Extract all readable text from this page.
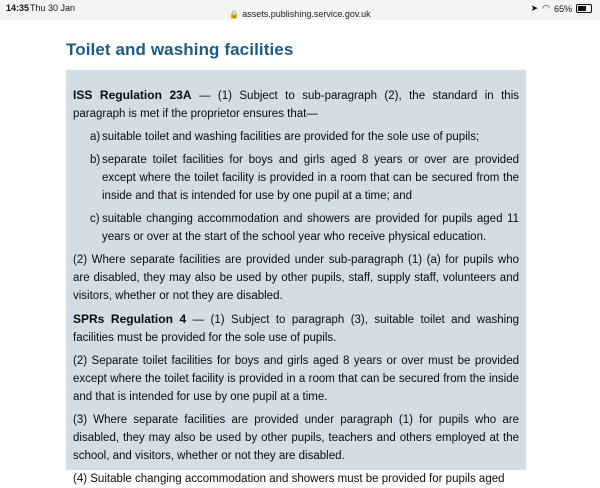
14:35 Thu 30 Jan
🔒 assets.publishing.service.gov.uk
➤ ◠ 65%
Toilet and washing facilities

ISS Regulation 23A — (1) Subject to sub-paragraph (2), the standard in this paragraph is met if the proprietor ensures that—

a) suitable toilet and washing facilities are provided for the sole use of pupils;
b) separate toilet facilities for boys and girls aged 8 years or over are provided except where the toilet facility is provided in a room that can be secured from the inside and that is intended for use by one pupil at a time; and
c) suitable changing accommodation and showers are provided for pupils aged 11 years or over at the start of the school year who receive physical education.

(2) Where separate facilities are provided under sub-paragraph (1) (a) for pupils who are disabled, they may also be used by other pupils, staff, supply staff, volunteers and visitors, whether or not they are disabled.

SPRs Regulation 4 — (1) Subject to paragraph (3), suitable toilet and washing facilities must be provided for the sole use of pupils.

(2) Separate toilet facilities for boys and girls aged 8 years or over must be provided except where the toilet facility is provided in a room that can be secured from the inside and that is intended for use by one pupil at a time.

(3) Where separate facilities are provided under paragraph (1) for pupils who are disabled, they may also be used by other pupils, teachers and others employed at the school, and visitors, whether or not they are disabled.

(4) Suitable changing accommodation and showers must be provided for pupils aged
